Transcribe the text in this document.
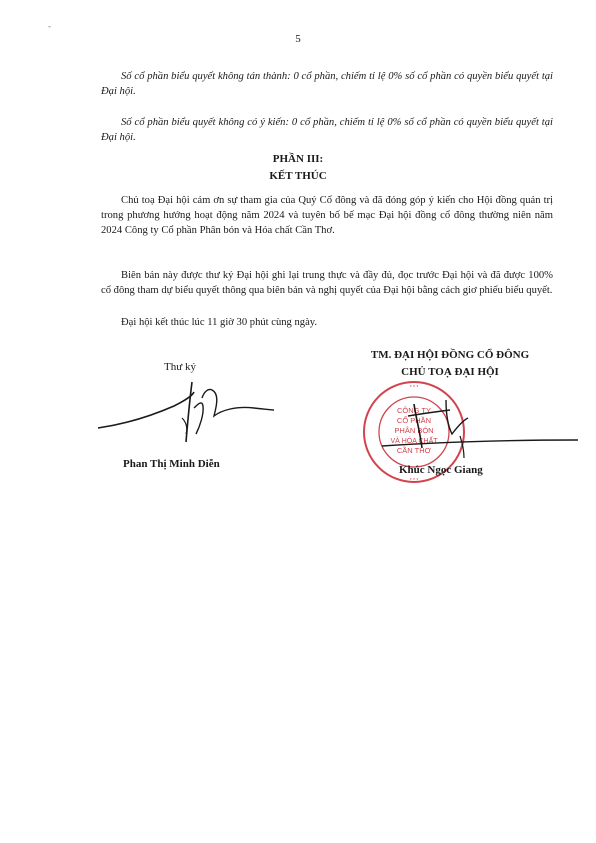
-
5

Số cổ phần biểu quyết không tán thành: 0 cổ phần, chiếm tỉ lệ 0% số cổ phần có quyền biểu quyết tại Đại hội.

Số cổ phần biểu quyết không có ý kiến: 0 cổ phần, chiếm tỉ lệ 0% số cổ phần có quyền biểu quyết tại Đại hội.

PHẦN III:
KẾT THÚC

Chủ toạ Đại hội cám ơn sự tham gia của Quý Cổ đông và đã đóng góp ý kiến cho Hội đồng quản trị trong phương hướng hoạt động năm 2024 và tuyên bố bế mạc Đại hội đồng cổ đông thường niên năm 2024 Công ty Cổ phần Phân bón và Hóa chất Cần Thơ.

Biên bản này được thư ký Đại hội ghi lại trung thực và đầy đủ, đọc trước Đại hội và đã được 100% cổ đông tham dự biểu quyết thông qua biên bản và nghị quyết của Đại hội bằng cách giơ phiếu biểu quyết.

Đại hội kết thúc lúc 11 giờ 30 phút cùng ngày.

Thư ký
Phan Thị Minh Diễn
TM. ĐẠI HỘI ĐỒNG CỔ ĐÔNG
CHỦ TOẠ ĐẠI HỘI
* * *
* * *
CÔNG TY
CỔ PHẦN
PHÂN BÓN
VÀ HÓA CHẤT
CẦN THƠ
Khúc Ngọc Giang
